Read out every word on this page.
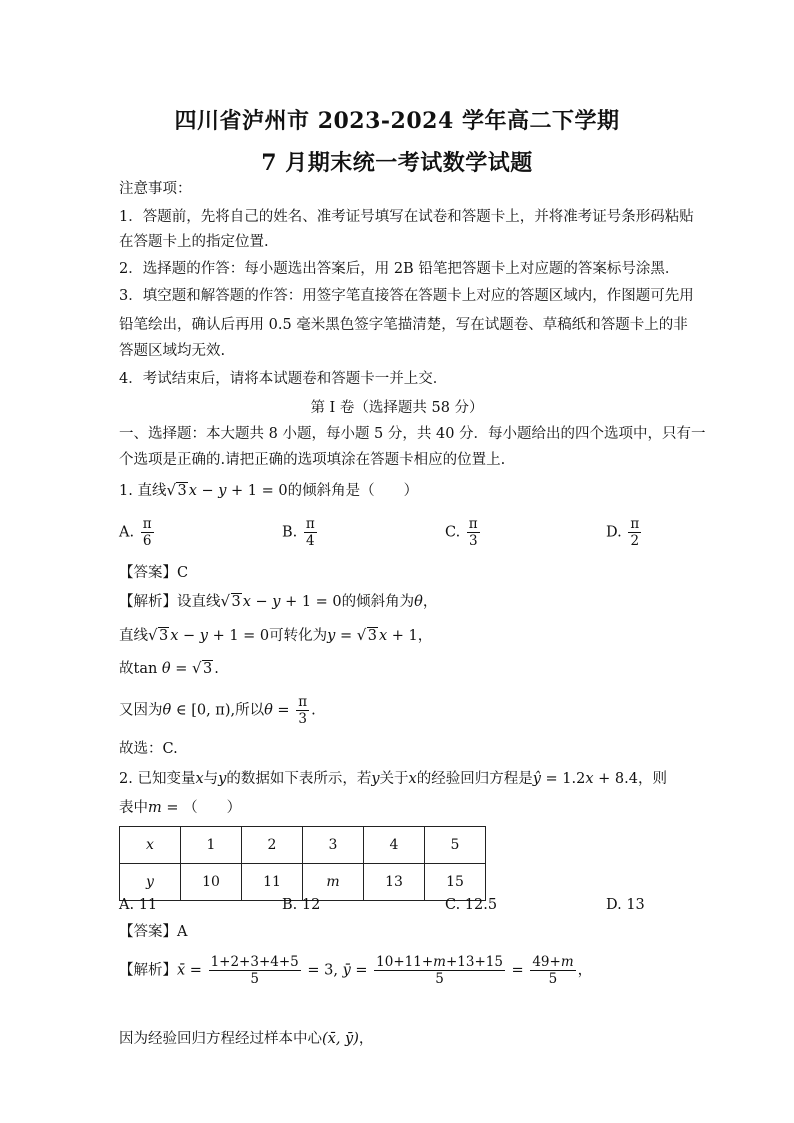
四川省泸州市 2023-2024 学年高二下学期
7 月期末统一考试数学试题
注意事项：
1．答题前，先将自己的姓名、准考证号填写在试卷和答题卡上，并将准考证号条形码粘贴
在答题卡上的指定位置.
2．选择题的作答：每小题选出答案后，用 2B 铅笔把答题卡上对应题的答案标号涂黑．
3．填空题和解答题的作答：用签字笔直接答在答题卡上对应的答题区域内，作图题可先用
铅笔绘出，确认后再用 0.5 毫米黑色签字笔描清楚，写在试题卷、草稿纸和答题卡上的非
答题区域均无效.
4．考试结束后，请将本试题卷和答题卡一并上交．
第 I 卷（选择题共 58 分）
一、选择题：本大题共 8 小题，每小题 5 分，共 40 分．每小题给出的四个选项中，只有一
个选项是正确的.请把正确的选项填涂在答题卡相应的位置上.
1. 直线 √ 3 x − y + 1 = 0的倾斜角是（　　）
A. $\frac{\pi}{6}$	B. $\frac{\pi}{4}$	C. $\frac{\pi}{3}$	D. $\frac{\pi}{2}$
【答案】C
【解析】设直线 √ 3 x − y + 1 = 0的倾斜角为θ，
直线 √ 3 x − y + 1 = 0可转化为y = √ 3 x + 1，
故tan θ = √ 3 .
又因为θ ∈ [0, π),所以$\theta = \frac{\pi}{3}$ .
故选：C.
2. 已知变量x与y的数据如下表所示，若y关于x的经验回归方程是ŷ = 1.2x + 8.4，则
表中m = （　　）
x	1	2	3	4	5
y	10	11	m	13	15
A. 11	B. 12	C. 12.5	D. 13
【答案】A
【解析】x̄ = $\frac{1+2+3+4+5}{5} = 3$, ȳ = $\frac{10+11+m+13+15}{5} = \frac{49+m}{5}$ ，
因为经验回归方程经过样本中心(x̄, ȳ)，
